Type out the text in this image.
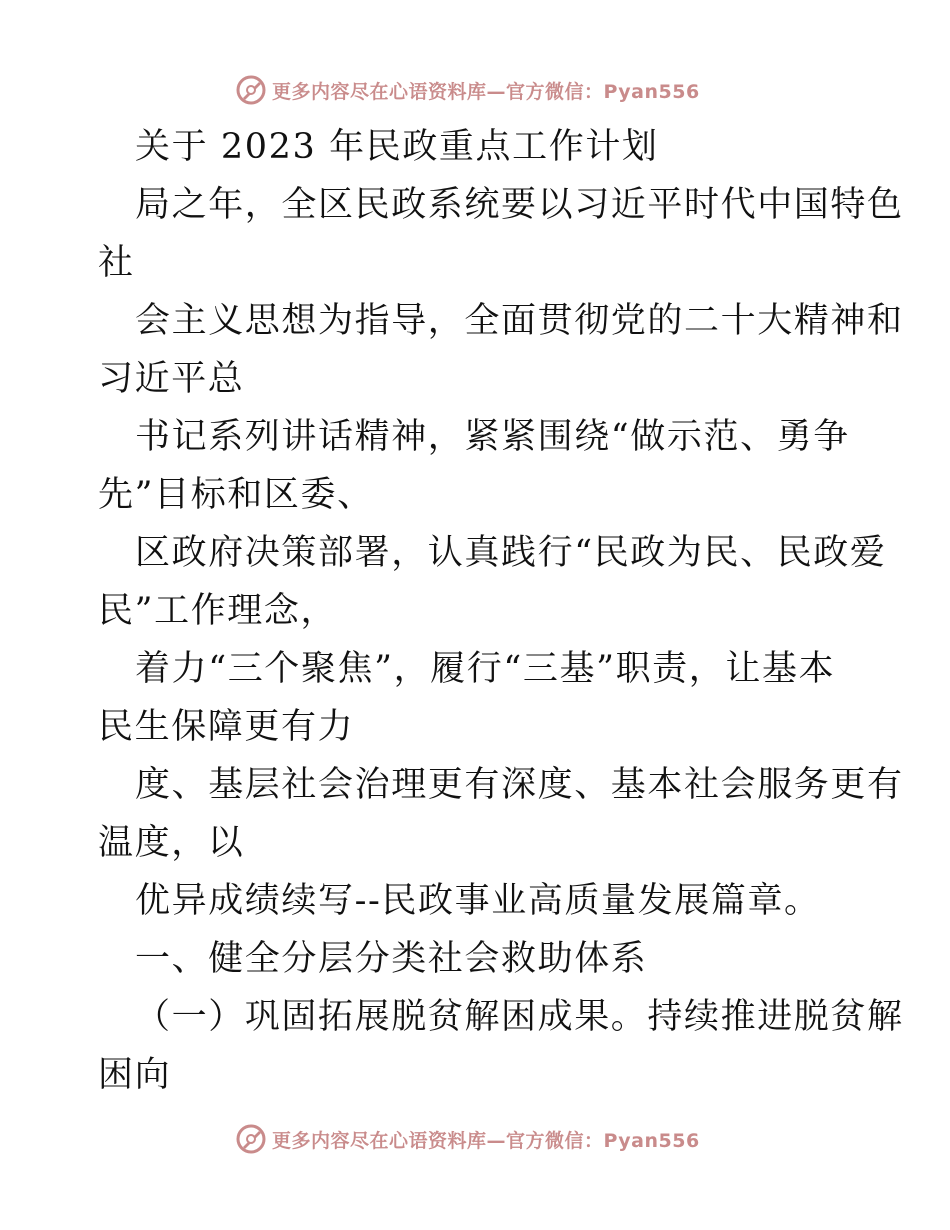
更多内容尽在心语资料库—官方微信：Pyan556
关于 2023 年民政重点工作计划
局之年，全区民政系统要以习近平时代中国特色
社
会主义思想为指导，全面贯彻党的二十大精神和
习近平总
书记系列讲话精神，紧紧围绕“做示范、勇争
先”目标和区委、
区政府决策部署，认真践行“民政为民、民政爱
民”工作理念，
着力“三个聚焦”，履行“三基”职责，让基本
民生保障更有力
度、基层社会治理更有深度、基本社会服务更有
温度，以
优异成绩续写--民政事业高质量发展篇章。
一、健全分层分类社会救助体系
（一）巩固拓展脱贫解困成果。持续推进脱贫解
困向
更多内容尽在心语资料库—官方微信：Pyan556
